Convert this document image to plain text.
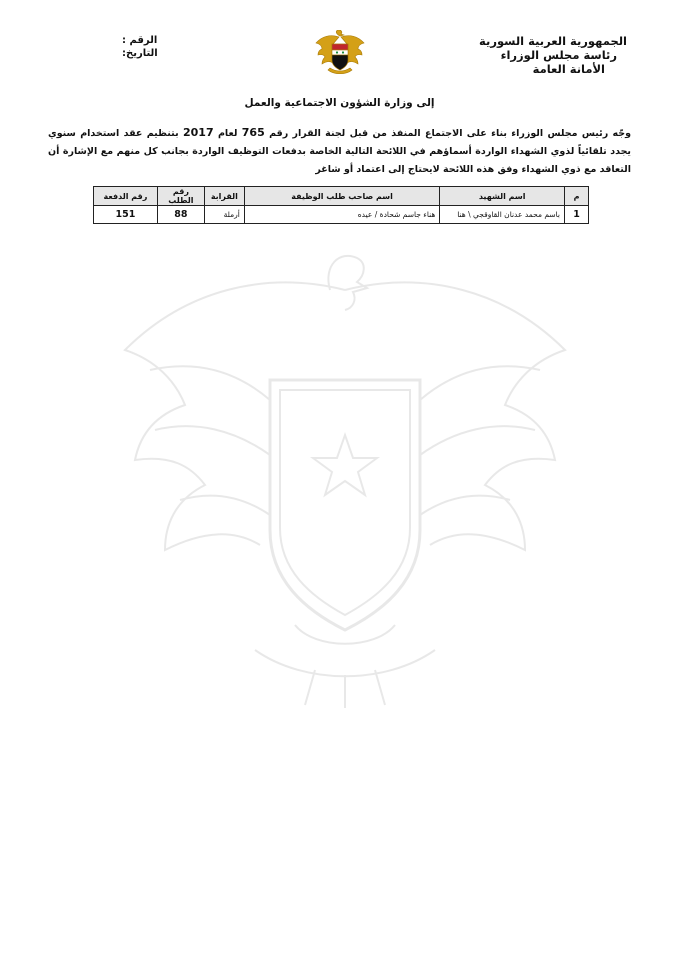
الجمهورية العربية السورية
رئاسة مجلس الوزراء
الأمانة العامة
الرقم :
التاريخ:
إلى وزارة الشؤون الاجتماعية والعمل
وجّه رئيس مجلس الوزراء بناء على الاجتماع المنفذ من قبل لجنة القرار رقم 765 لعام 2017 بتنظيم عقد استخدام سنوي يجدد تلقائياً لذوي الشهداء الواردة أسماؤهم في اللائحة التالية الخاصة بدفعات التوظيف الواردة بجانب كل منهم مع الإشارة أن التعاقد مع ذوي الشهداء وفق هذه اللائحة لايحتاج إلى اعتماد أو شاغر
م	اسم الشهيد	اسم صاحب طلب الوظيفة	القرابة	رقم الطلب	رقم الدفعة
1	باسم محمد عدنان القاوقجي \ هنا	هناء جاسم شحادة / عيده	أرملة	88	151
